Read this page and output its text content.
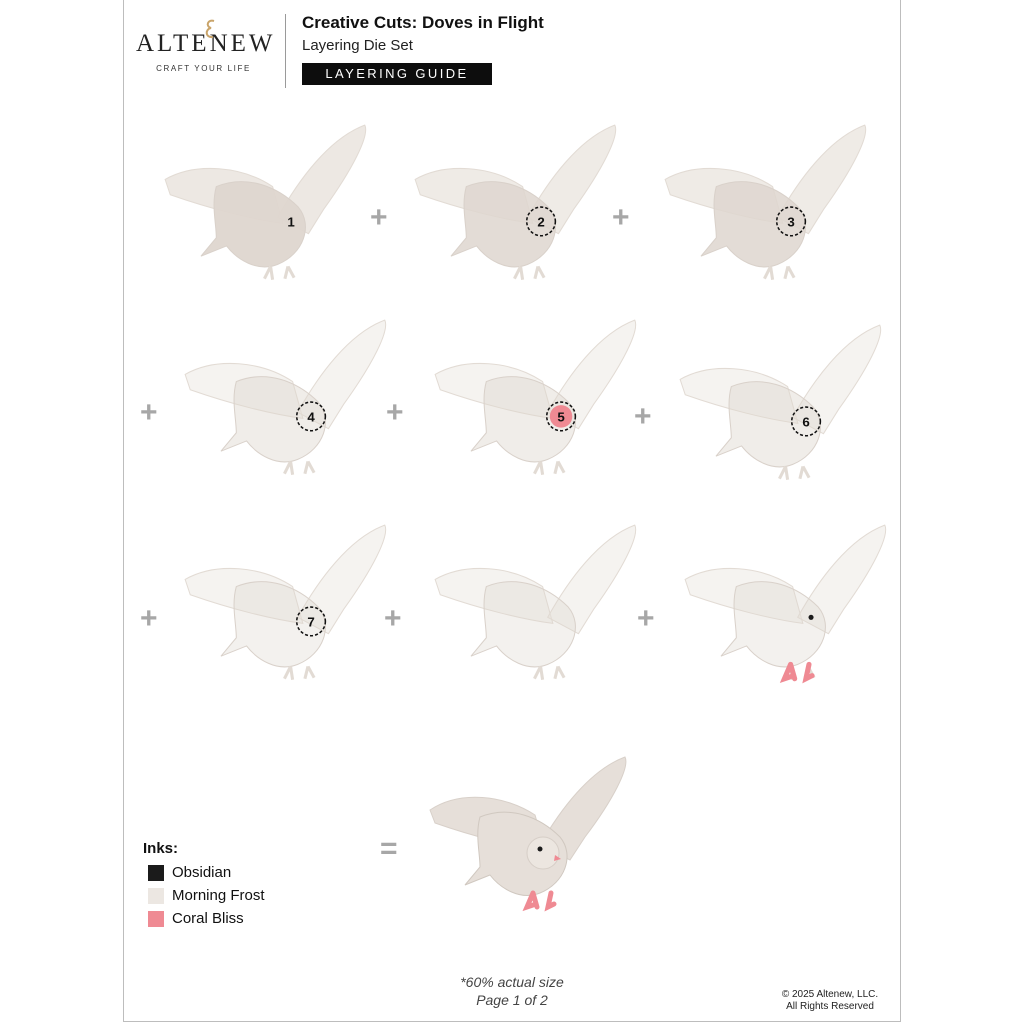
ALTENEW
CRAFT YOUR LIFE
Creative Cuts: Doves in Flight
Layering Die Set
LAYERING GUIDE
1	2	3
4	5	6
7
+	+
+	+	+
+	+	+
=
Inks:
Obsidian
Morning Frost
Coral Bliss
*60% actual size
Page 1 of 2	© 2025 Altenew, LLC.
All Rights Reserved
